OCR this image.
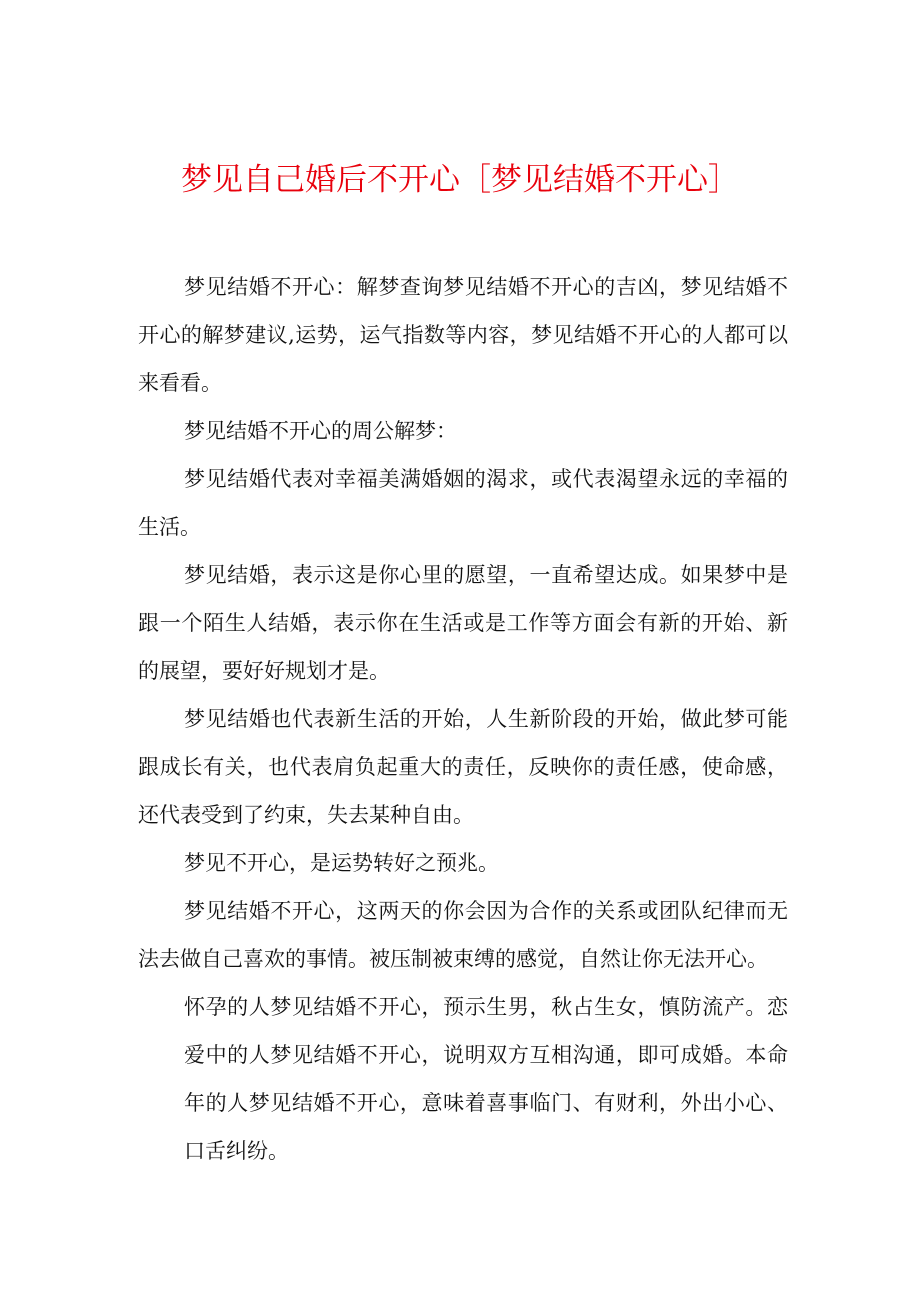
梦见自己婚后不开心［梦见结婚不开心］

梦见结婚不开心：解梦查询梦见结婚不开心的吉凶，梦见结婚不开心的解梦建议,运势，运气指数等内容，梦见结婚不开心的人都可以来看看。

梦见结婚不开心的周公解梦：

梦见结婚代表对幸福美满婚姻的渴求，或代表渴望永远的幸福的生活。

梦见结婚，表示这是你心里的愿望，一直希望达成。如果梦中是跟一个陌生人结婚，表示你在生活或是工作等方面会有新的开始、新的展望，要好好规划才是。

梦见结婚也代表新生活的开始，人生新阶段的开始，做此梦可能跟成长有关，也代表肩负起重大的责任，反映你的责任感，使命感，还代表受到了约束，失去某种自由。

梦见不开心，是运势转好之预兆。

梦见结婚不开心，这两天的你会因为合作的关系或团队纪律而无法去做自己喜欢的事情。被压制被束缚的感觉，自然让你无法开心。

怀孕的人梦见结婚不开心，预示生男，秋占生女，慎防流产。恋爱中的人梦见结婚不开心，说明双方互相沟通，即可成婚。本命年的人梦见结婚不开心，意味着喜事临门、有财利，外出小心、口舌纠纷。
